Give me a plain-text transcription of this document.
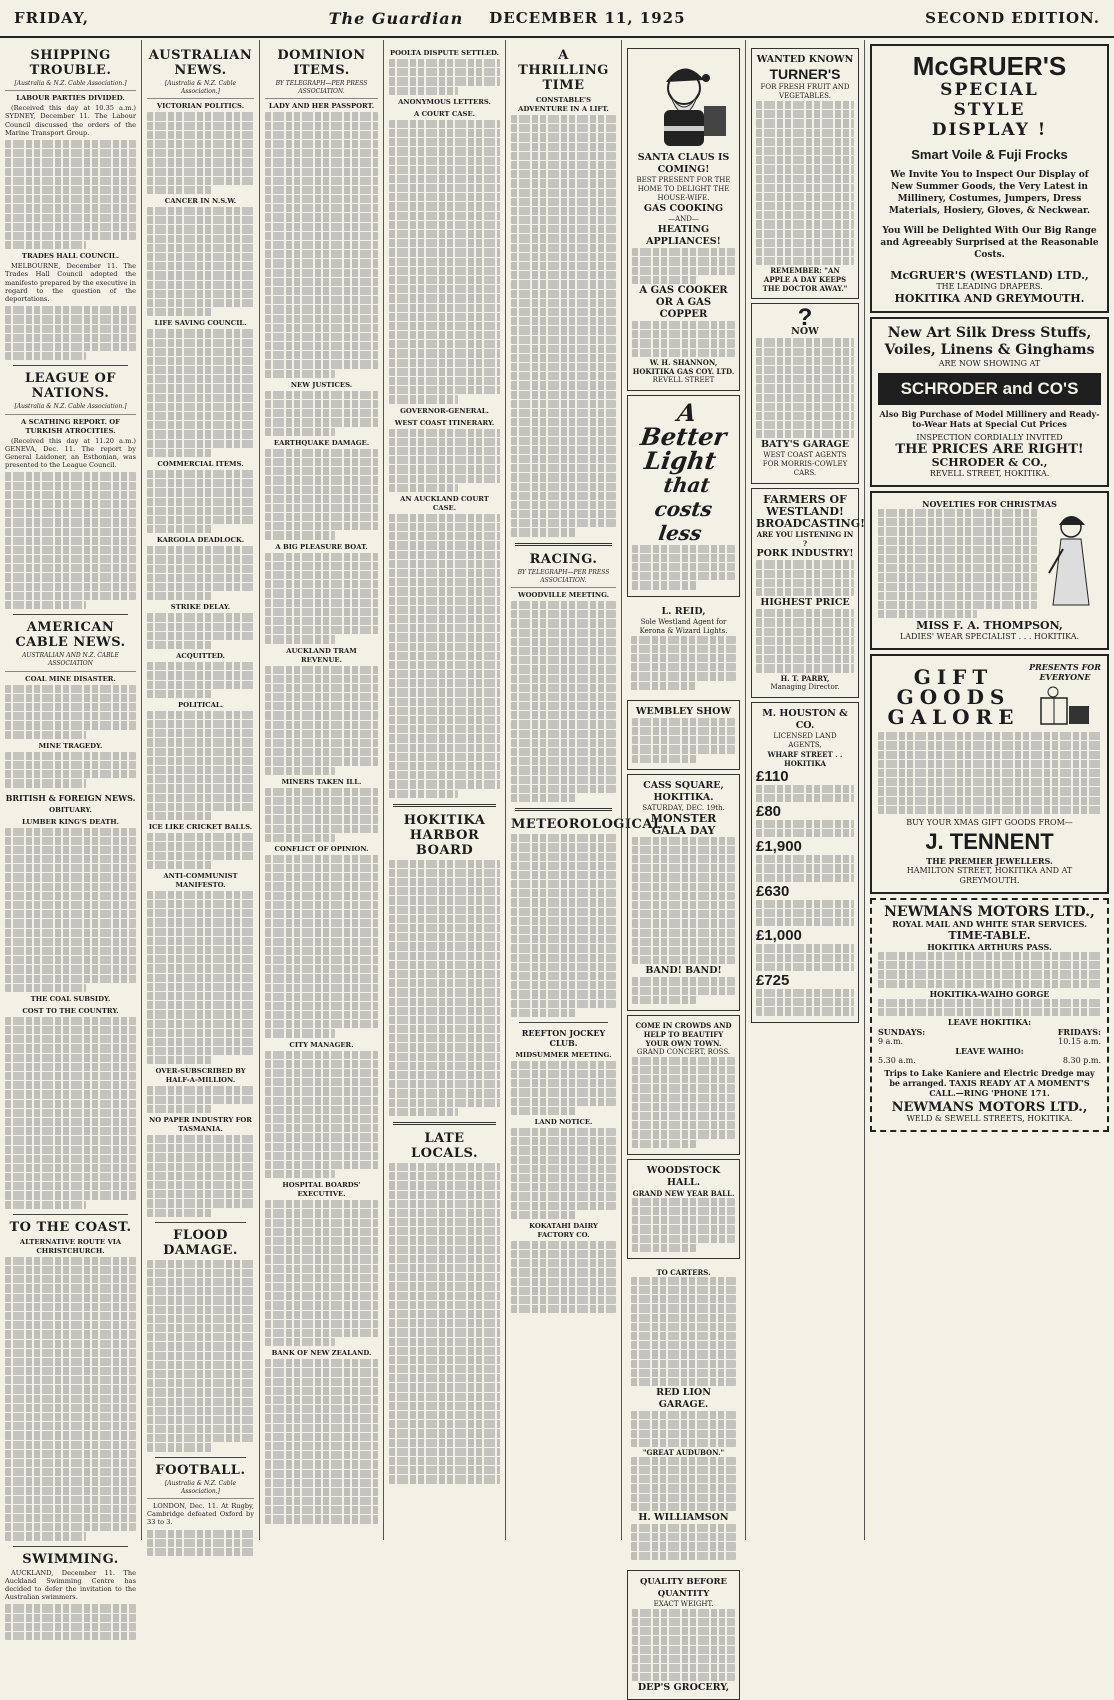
FRIDAY,	The Guardian DECEMBER 11, 1925	SECOND EDITION.
SHIPPING TROUBLE.
[Australia & N.Z. Cable Association.]
LABOUR PARTIES DIVIDED.

(Received this day at 10.35 a.m.) SYDNEY, December 11. The Labour Council discussed the orders of the Marine Transport Group.

TRADES HALL COUNCIL.

MELBOURNE, December 11. The Trades Hall Council adopted the manifesto prepared by the executive in regard to the question of the deportations.

LEAGUE OF NATIONS.
[Australia & N.Z. Cable Association.]
A SCATHING REPORT. OF TURKISH ATROCITIES.

(Received this day at 11.20 a.m.) GENEVA, Dec. 11. The report by General Laidoner, an Esthonian, was presented to the League Council.

AMERICAN CABLE NEWS.
AUSTRALIAN AND N.Z. CABLE ASSOCIATION
COAL MINE DISASTER.
MINE TRAGEDY.
BRITISH & FOREIGN NEWS.
OBITUARY.
LUMBER KING'S DEATH.
THE COAL SUBSIDY.
COST TO THE COUNTRY.
TO THE COAST.
ALTERNATIVE ROUTE VIA CHRISTCHURCH.
SWIMMING.

AUCKLAND, December 11. The Auckland Swimming Centre has decided to defer the invitation to the Australian swimmers.

AUSTRALIAN NEWS.
[Australia & N.Z. Cable Association.]
VICTORIAN POLITICS.
CANCER IN N.S.W.
LIFE SAVING COUNCIL.
COMMERCIAL ITEMS.
KARGOLA DEADLOCK.
STRIKE DELAY.
ACQUITTED.
POLITICAL.
ICE LIKE CRICKET BALLS.
ANTI-COMMUNIST MANIFESTO.
OVER-SUBSCRIBED BY HALF-A-MILLION.
NO PAPER INDUSTRY FOR TASMANIA.
FLOOD DAMAGE.
FOOTBALL.
[Australia & N.Z. Cable Association.]

LONDON, Dec. 11. At Rugby, Cambridge defeated Oxford by 33 to 3.

DOMINION ITEMS.
BY TELEGRAPH—PER PRESS ASSOCIATION.
LADY AND HER PASSPORT.
NEW JUSTICES.
EARTHQUAKE DAMAGE.
A BIG PLEASURE BOAT.
AUCKLAND TRAM REVENUE.
MINERS TAKEN ILL.
CONFLICT OF OPINION.
CITY MANAGER.
HOSPITAL BOARDS' EXECUTIVE.
BANK OF NEW ZEALAND.
POOLTA DISPUTE SETTLED.
ANONYMOUS LETTERS.
A COURT CASE.
GOVERNOR-GENERAL.
WEST COAST ITINERARY.
AN AUCKLAND COURT CASE.
HOKITIKA HARBOR BOARD
LATE LOCALS.
A THRILLING TIME
CONSTABLE'S ADVENTURE IN A LIFT.
RACING.
BY TELEGRAPH—PER PRESS ASSOCIATION.
WOODVILLE MEETING.
METEOROLOGICAL.
REEFTON JOCKEY CLUB.
MIDSUMMER MEETING.
LAND NOTICE.
KOKATAHI DAIRY FACTORY CO.
SANTA CLAUS IS COMING!
BEST PRESENT FOR THE HOME TO DELIGHT THE HOUSE-WIFE.
GAS COOKING
—AND—
HEATING APPLIANCES!
A GAS COOKER OR A GAS COPPER
W. H. SHANNON,
HOKITIKA GAS COY. LTD.
REVELL STREET
A Better Light
that costs less
L. REID,
Sole Westland Agent for Kerona & Wizard Lights.
WEMBLEY SHOW
CASS SQUARE, HOKITIKA.
SATURDAY, DEC. 19th.
MONSTER GALA DAY
BAND! BAND!
COME IN CROWDS AND HELP TO BEAUTIFY YOUR OWN TOWN.
GRAND CONCERT, ROSS.
WOODSTOCK HALL.
GRAND NEW YEAR BALL.
TO CARTERS.
RED LION GARAGE.
"GREAT AUDUBON."
H. WILLIAMSON
QUALITY BEFORE QUANTITY
EXACT WEIGHT.
DEP'S GROCERY,
WANTED KNOWN
TURNER'S
FOR FRESH FRUIT AND VEGETABLES.
REMEMBER: "AN APPLE A DAY KEEPS THE DOCTOR AWAY."
?
NOW
BATY'S GARAGE
WEST COAST AGENTS FOR MORRIS-COWLEY CARS.
FARMERS OF WESTLAND!
BROADCASTING!
ARE YOU LISTENING IN ?
PORK INDUSTRY!
HIGHEST PRICE
H. T. PARRY,
Managing Director.
M. HOUSTON & CO.
LICENSED LAND AGENTS,
WHARF STREET . . HOKITIKA
£110
£80
£1,900
£630
£1,000
£725
McGRUER'S
SPECIAL
STYLE
DISPLAY !
Smart Voile & Fuji Frocks
We Invite You to Inspect Our Display of New Summer Goods, the Very Latest in Millinery, Costumes, Jumpers, Dress Materials, Hosiery, Gloves, & Neckwear.
You Will be Delighted With Our Big Range and Agreeably Surprised at the Reasonable Costs.
McGRUER'S (WESTLAND) LTD.,
THE LEADING DRAPERS.
HOKITIKA AND GREYMOUTH.
New Art Silk Dress Stuffs, Voiles, Linens & Ginghams
ARE NOW SHOWING AT
SCHRODER and CO'S
Also Big Purchase of Model Millinery and Ready-to-Wear Hats at Special Cut Prices
INSPECTION CORDIALLY INVITED
THE PRICES ARE RIGHT!
SCHRODER & CO.,
REVELL STREET, HOKITIKA.
NOVELTIES FOR CHRISTMAS
MISS F. A. THOMPSON,
LADIES' WEAR SPECIALIST . . . HOKITIKA.
GIFT
GOODS
GALORE
PRESENTS FOR EVERYONE
BUY YOUR XMAS GIFT GOODS FROM—
J. TENNENT
THE PREMIER JEWELLERS.
HAMILTON STREET, HOKITIKA AND AT GREYMOUTH.
NEWMANS MOTORS LTD.,
ROYAL MAIL AND WHITE STAR SERVICES.
TIME-TABLE.
HOKITIKA ARTHURS PASS.
HOKITIKA-WAIHO GORGE
LEAVE HOKITIKA:
SUNDAYS:	FRIDAYS:
9 a.m.	10.15 a.m.
LEAVE WAIHO:
5.30 a.m.	8.30 p.m.
Trips to Lake Kaniere and Electric Dredge may be arranged. TAXIS READY AT A MOMENT'S CALL.—RING 'PHONE 171.
NEWMANS MOTORS LTD.,
WELD & SEWELL STREETS, HOKITIKA.
